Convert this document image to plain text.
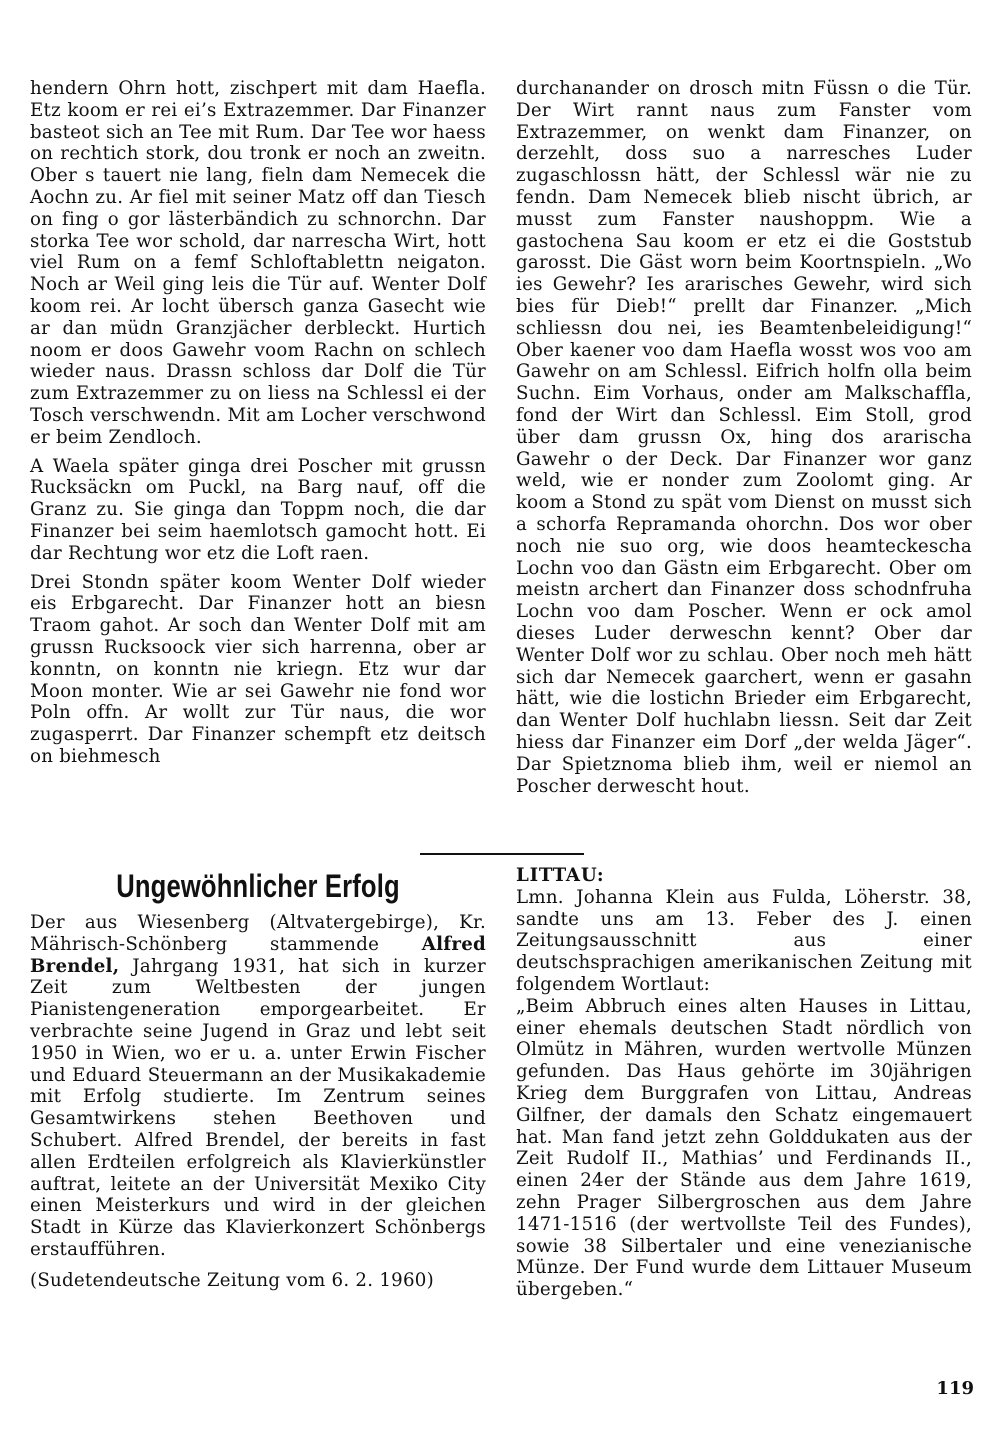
hendern Ohrn hott, zischpert mit dam Haefla. Etz koom er rei ei’s Extrazemmer. Dar Finanzer basteot sich an Tee mit Rum. Dar Tee wor haess on rechtich stork, dou tronk er noch an zweitn. Ober s tauert nie lang, fieln dam Nemecek die Aochn zu. Ar fiel mit seiner Matz off dan Tiesch on fing o gor lästerbändich zu schnorchn. Dar storka Tee wor schold, dar narrescha Wirt, hott viel Rum on a femf Schloftablettn neigaton. Noch ar Weil ging leis die Tür auf. Wenter Dolf koom rei. Ar locht übersch ganza Gasecht wie ar dan müdn Granzjächer derbleckt. Hurtich noom er doos Gawehr voom Rachn on schlech wieder naus. Drassn schloss dar Dolf die Tür zum Extrazemmer zu on liess na Schlessl ei der Tosch verschwendn. Mit am Locher verschwond er beim Zendloch.

A Waela später ginga drei Poscher mit grussn Rucksäckn om Puckl, na Barg nauf, off die Granz zu. Sie ginga dan Toppm noch, die dar Finanzer bei seim haemlotsch gamocht hott. Ei dar Rechtung wor etz die Loft raen.

Drei Stondn später koom Wenter Dolf wieder eis Erbgarecht. Dar Finanzer hott an biesn Traom gahot. Ar soch dan Wenter Dolf mit am grussn Rucksoock vier sich harrenna, ober ar konntn, on konntn nie kriegn. Etz wur dar Moon monter. Wie ar sei Gawehr nie fond wor Poln offn. Ar wollt zur Tür naus, die wor zugasperrt. Dar Finanzer schempft etz deitsch on biehmesch

durchanander on drosch mitn Füssn o die Tür. Der Wirt rannt naus zum Fanster vom Extrazemmer, on wenkt dam Finanzer, on derzehlt, doss suo a narresches Luder zugaschlossn hätt, der Schlessl wär nie zu fendn. Dam Nemecek blieb nischt übrich, ar musst zum Fanster naushoppm. Wie a gastochena Sau koom er etz ei die Goststub garosst. Die Gäst worn beim Koortnspieln. „Wo ies Gewehr? Ies ararisches Gewehr, wird sich bies für Dieb!“ prellt dar Finanzer. „Mich schliessn dou nei, ies Beamtenbeleidigung!“ Ober kaener voo dam Haefla wosst wos voo am Gawehr on am Schlessl. Eifrich holfn olla beim Suchn. Eim Vorhaus, onder am Malkschaffla, fond der Wirt dan Schlessl. Eim Stoll, grod über dam grussn Ox, hing dos ararischa Gawehr o der Deck. Dar Finanzer wor ganz weld, wie er nonder zum Zoolomt ging. Ar koom a Stond zu spät vom Dienst on musst sich a schorfa Repramanda ohorchn. Dos wor ober noch nie suo org, wie doos heamteckescha Lochn voo dan Gästn eim Erbgarecht. Ober om meistn archert dan Finanzer doss schodnfruha Lochn voo dam Poscher. Wenn er ock amol dieses Luder derweschn kennt? Ober dar Wenter Dolf wor zu schlau. Ober noch meh hätt sich dar Nemecek gaarchert, wenn er gasahn hätt, wie die lostichn Brieder eim Erbgarecht, dan Wenter Dolf huchlabn liessn. Seit dar Zeit hiess dar Finanzer eim Dorf „der welda Jäger“. Dar Spietznoma blieb ihm, weil er niemol an Poscher derwescht hout.

Ungewöhnlicher Erfolg

Der aus Wiesenberg (Altvatergebirge), Kr. Mährisch-Schönberg stammende Alfred Brendel, Jahrgang 1931, hat sich in kurzer Zeit zum Weltbesten der jungen Pianistengeneration emporgearbeitet. Er verbrachte seine Jugend in Graz und lebt seit 1950 in Wien, wo er u. a. unter Erwin Fischer und Eduard Steuermann an der Musikakademie mit Erfolg studierte. Im Zentrum seines Gesamtwirkens stehen Beethoven und Schubert. Alfred Brendel, der bereits in fast allen Erdteilen erfolgreich als Klavierkünstler auftrat, leitete an der Universität Mexiko City einen Meisterkurs und wird in der gleichen Stadt in Kürze das Klavierkonzert Schönbergs erstaufführen.

(Sudetendeutsche Zeitung vom 6. 2. 1960)

LITTAU:

Lmn. Johanna Klein aus Fulda, Löherstr. 38, sandte uns am 13. Feber des J. einen Zeitungsausschnitt aus einer deutschsprachigen amerikanischen Zeitung mit folgendem Wortlaut:

„Beim Abbruch eines alten Hauses in Littau, einer ehemals deutschen Stadt nördlich von Olmütz in Mähren, wurden wertvolle Münzen gefunden. Das Haus gehörte im 30jährigen Krieg dem Burggrafen von Littau, Andreas Gilfner, der damals den Schatz eingemauert hat. Man fand jetzt zehn Golddukaten aus der Zeit Rudolf II., Mathias’ und Ferdinands II., einen 24er der Stände aus dem Jahre 1619, zehn Prager Silbergroschen aus dem Jahre 1471-1516 (der wertvollste Teil des Fundes), sowie 38 Silbertaler und eine venezianische Münze. Der Fund wurde dem Littauer Museum übergeben.“

119
